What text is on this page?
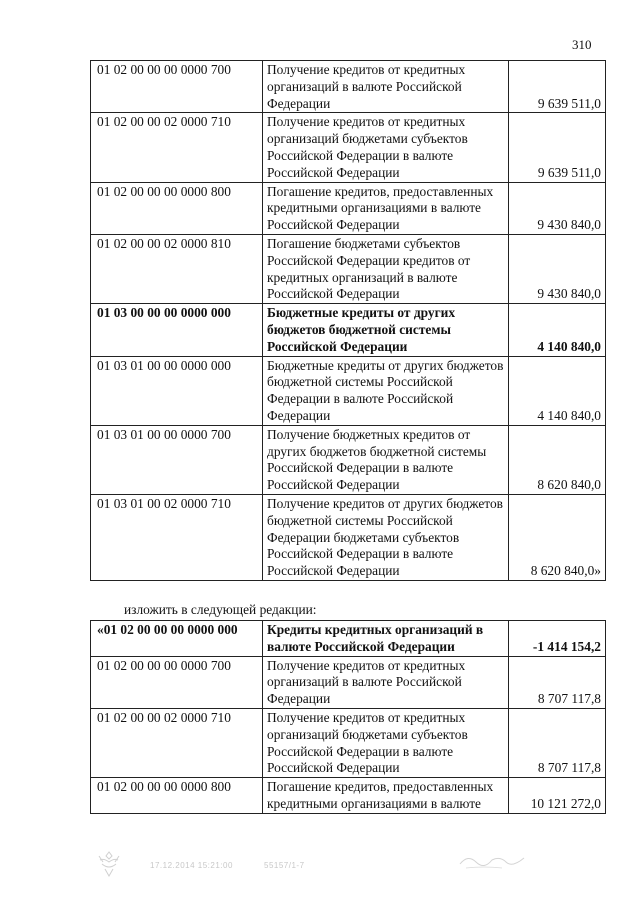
310
01 02 00 00 00 0000 700	Получение кредитов от кредитных организаций в валюте Российской Федерации	9 639 511,0
01 02 00 00 02 0000 710	Получение кредитов от кредитных организаций бюджетами субъектов Российской Федерации в валюте Российской Федерации	9 639 511,0
01 02 00 00 00 0000 800	Погашение кредитов, предоставленных кредитными организациями в валюте Российской Федерации	9 430 840,0
01 02 00 00 02 0000 810	Погашение бюджетами субъектов Российской Федерации кредитов от кредитных организаций в валюте Российской Федерации	9 430 840,0
01 03 00 00 00 0000 000	Бюджетные кредиты от других бюджетов бюджетной системы Российской Федерации	4 140 840,0
01 03 01 00 00 0000 000	Бюджетные кредиты от других бюджетов бюджетной системы Российской Федерации в валюте Российской Федерации	4 140 840,0
01 03 01 00 00 0000 700	Получение бюджетных кредитов от других бюджетов бюджетной системы Российской Федерации в валюте Российской Федерации	8 620 840,0
01 03 01 00 02 0000 710	Получение кредитов от других бюджетов бюджетной системы Российской Федерации бюджетами субъектов Российской Федерации в валюте Российской Федерации	8 620 840,0»
изложить в следующей редакции:
«01 02 00 00 00 0000 000	Кредиты кредитных организаций в валюте Российской Федерации	-1 414 154,2
01 02 00 00 00 0000 700	Получение кредитов от кредитных организаций в валюте Российской Федерации	8 707 117,8
01 02 00 00 02 0000 710	Получение кредитов от кредитных организаций бюджетами субъектов Российской Федерации в валюте Российской Федерации	8 707 117,8
01 02 00 00 00 0000 800	Погашение кредитов, предоставленных кредитными организациями в валюте	10 121 272,0
17.12.2014 15:21:00	55157/1-7
